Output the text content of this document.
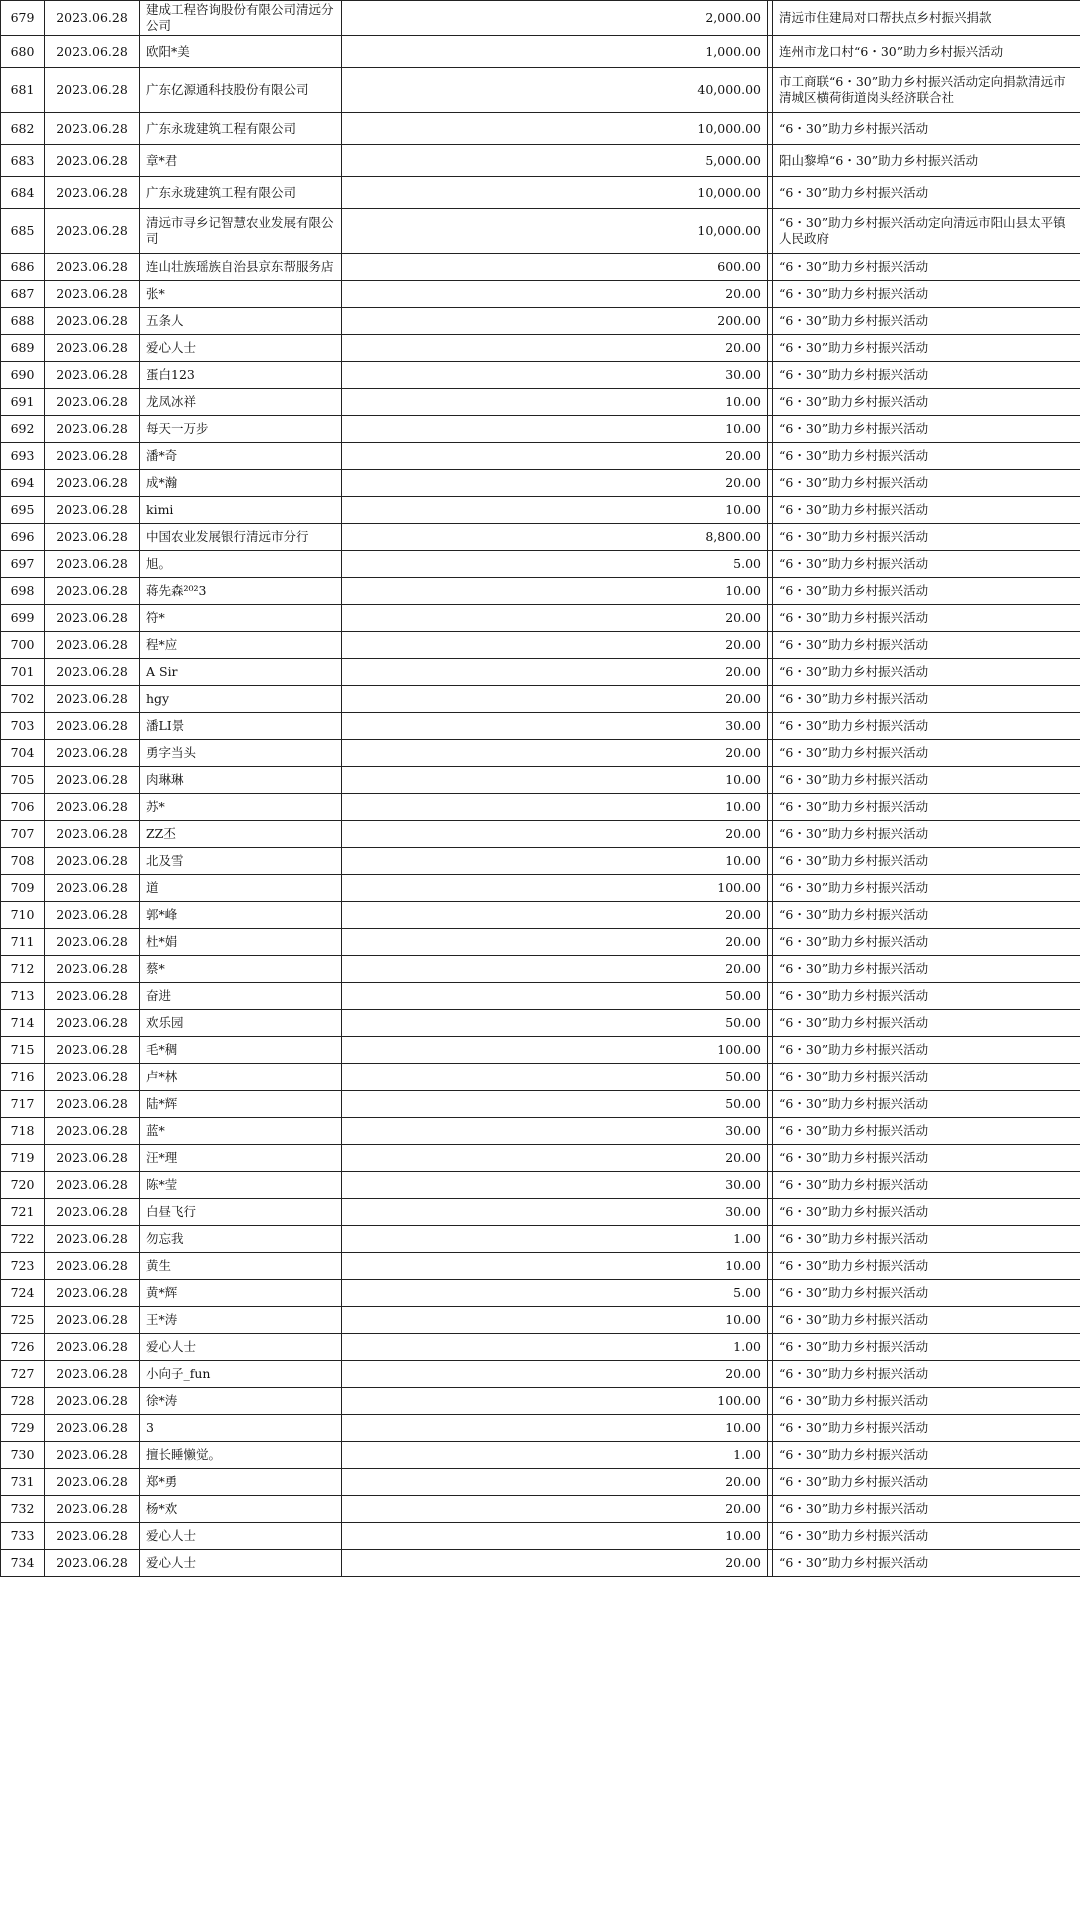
679	2023.06.28	建成工程咨询股份有限公司清远分公司	2,000.00		清远市住建局对口帮扶点乡村振兴捐款
680	2023.06.28	欧阳*美	1,000.00		连州市龙口村“6・30”助力乡村振兴活动
681	2023.06.28	广东亿源通科技股份有限公司	40,000.00		市工商联“6・30”助力乡村振兴活动定向捐款清远市清城区横荷街道岗头经济联合社
682	2023.06.28	广东永珑建筑工程有限公司	10,000.00		“6・30”助力乡村振兴活动
683	2023.06.28	章*君	5,000.00		阳山黎埠“6・30”助力乡村振兴活动
684	2023.06.28	广东永珑建筑工程有限公司	10,000.00		“6・30”助力乡村振兴活动
685	2023.06.28	清远市寻乡记智慧农业发展有限公司	10,000.00		“6・30”助力乡村振兴活动定向清远市阳山县太平镇人民政府
686	2023.06.28	连山壮族瑶族自治县京东帮服务店	600.00		“6・30”助力乡村振兴活动
687	2023.06.28	张*	20.00		“6・30”助力乡村振兴活动
688	2023.06.28	五条人	200.00		“6・30”助力乡村振兴活动
689	2023.06.28	爱心人士	20.00		“6・30”助力乡村振兴活动
690	2023.06.28	蛋白123	30.00		“6・30”助力乡村振兴活动
691	2023.06.28	龙凤冰祥	10.00		“6・30”助力乡村振兴活动
692	2023.06.28	每天一万步	10.00		“6・30”助力乡村振兴活动
693	2023.06.28	潘*奇	20.00		“6・30”助力乡村振兴活动
694	2023.06.28	成*瀚	20.00		“6・30”助力乡村振兴活动
695	2023.06.28	kimi	10.00		“6・30”助力乡村振兴活动
696	2023.06.28	中国农业发展银行清远市分行	8,800.00		“6・30”助力乡村振兴活动
697	2023.06.28	旭。	5.00		“6・30”助力乡村振兴活动
698	2023.06.28	蒋先森²⁰²3	10.00		“6・30”助力乡村振兴活动
699	2023.06.28	符*	20.00		“6・30”助力乡村振兴活动
700	2023.06.28	程*应	20.00		“6・30”助力乡村振兴活动
701	2023.06.28	A Sir	20.00		“6・30”助力乡村振兴活动
702	2023.06.28	hgy	20.00		“6・30”助力乡村振兴活动
703	2023.06.28	潘LI景	30.00		“6・30”助力乡村振兴活动
704	2023.06.28	勇字当头	20.00		“6・30”助力乡村振兴活动
705	2023.06.28	肉琳琳	10.00		“6・30”助力乡村振兴活动
706	2023.06.28	苏*	10.00		“6・30”助力乡村振兴活动
707	2023.06.28	ZZ丕	20.00		“6・30”助力乡村振兴活动
708	2023.06.28	北及雪	10.00		“6・30”助力乡村振兴活动
709	2023.06.28	道	100.00		“6・30”助力乡村振兴活动
710	2023.06.28	郭*峰	20.00		“6・30”助力乡村振兴活动
711	2023.06.28	杜*娟	20.00		“6・30”助力乡村振兴活动
712	2023.06.28	蔡*	20.00		“6・30”助力乡村振兴活动
713	2023.06.28	奋进	50.00		“6・30”助力乡村振兴活动
714	2023.06.28	欢乐园	50.00		“6・30”助力乡村振兴活动
715	2023.06.28	毛*稠	100.00		“6・30”助力乡村振兴活动
716	2023.06.28	卢*林	50.00		“6・30”助力乡村振兴活动
717	2023.06.28	陆*辉	50.00		“6・30”助力乡村振兴活动
718	2023.06.28	蓝*	30.00		“6・30”助力乡村振兴活动
719	2023.06.28	汪*理	20.00		“6・30”助力乡村振兴活动
720	2023.06.28	陈*莹	30.00		“6・30”助力乡村振兴活动
721	2023.06.28	白昼飞行	30.00		“6・30”助力乡村振兴活动
722	2023.06.28	勿忘我	1.00		“6・30”助力乡村振兴活动
723	2023.06.28	黄生	10.00		“6・30”助力乡村振兴活动
724	2023.06.28	黄*辉	5.00		“6・30”助力乡村振兴活动
725	2023.06.28	王*涛	10.00		“6・30”助力乡村振兴活动
726	2023.06.28	爱心人士	1.00		“6・30”助力乡村振兴活动
727	2023.06.28	小向子_fun	20.00		“6・30”助力乡村振兴活动
728	2023.06.28	徐*涛	100.00		“6・30”助力乡村振兴活动
729	2023.06.28	3	10.00		“6・30”助力乡村振兴活动
730	2023.06.28	擅长睡懒觉。	1.00		“6・30”助力乡村振兴活动
731	2023.06.28	郑*勇	20.00		“6・30”助力乡村振兴活动
732	2023.06.28	杨*欢	20.00		“6・30”助力乡村振兴活动
733	2023.06.28	爱心人士	10.00		“6・30”助力乡村振兴活动
734	2023.06.28	爱心人士	20.00		“6・30”助力乡村振兴活动
